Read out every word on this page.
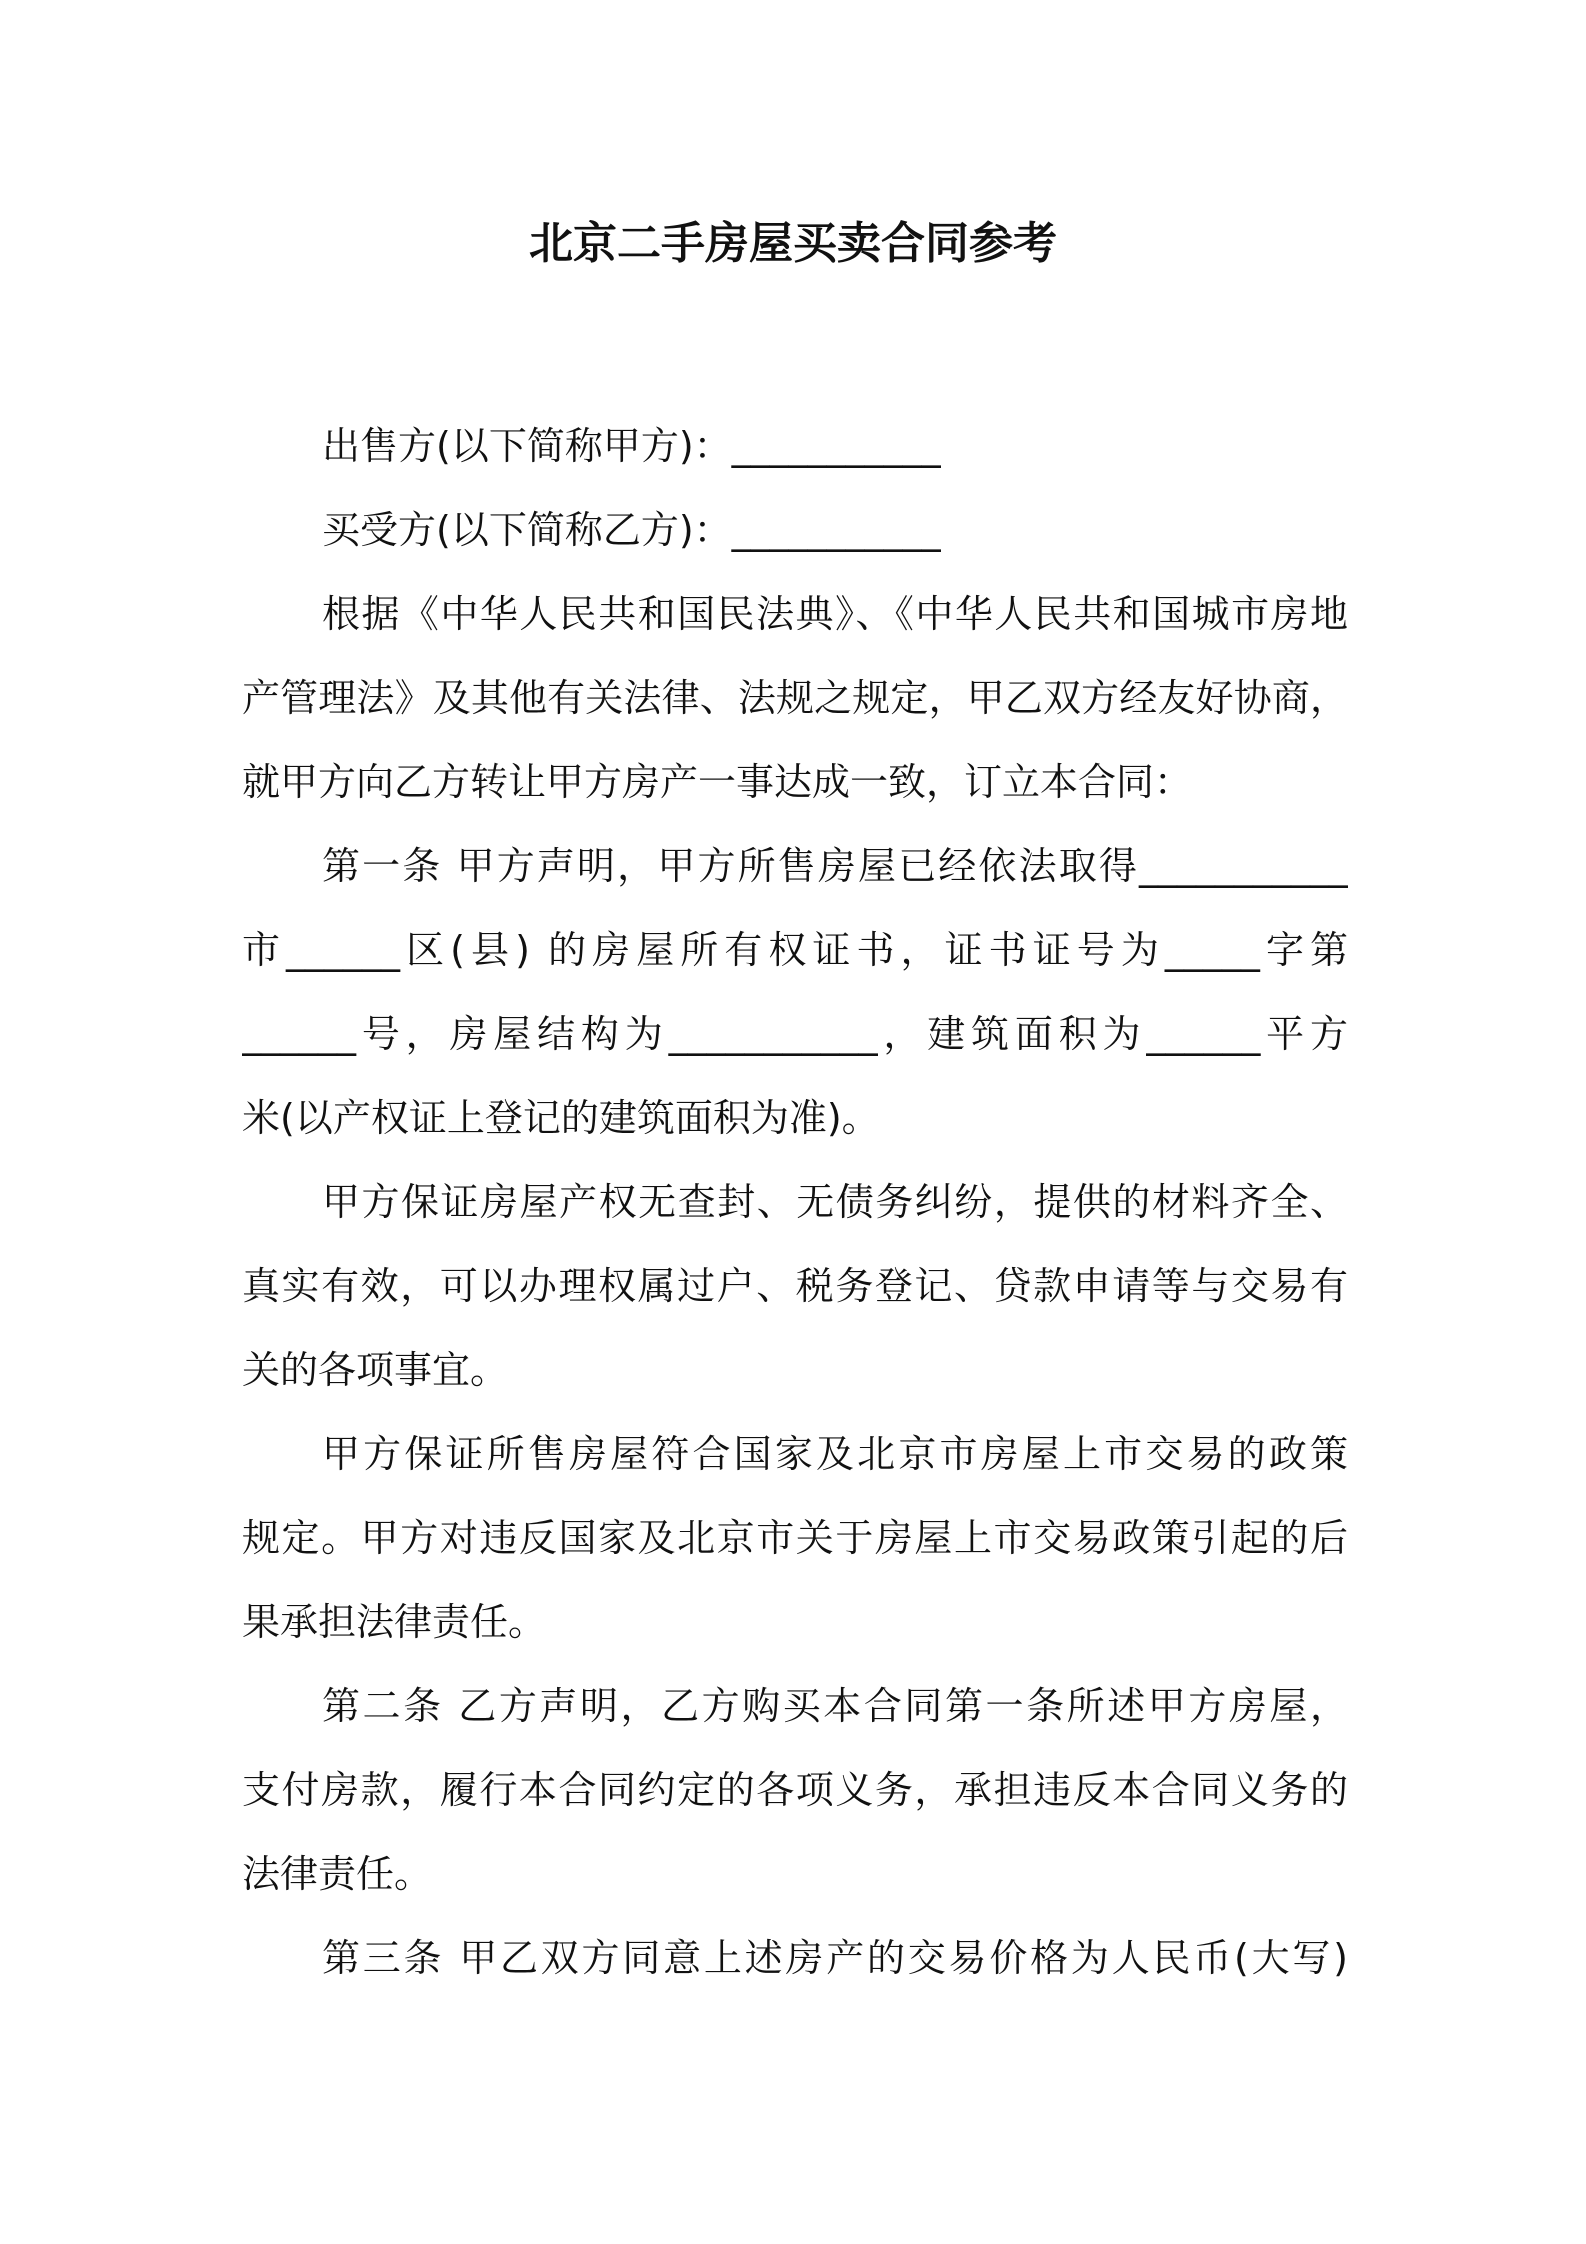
北京二手房屋买卖合同参考
出售方(以下简称甲方)：___________
买受方(以下简称乙方)：___________
根据《中华人民共和国民法典》、《中华人民共和国城市房地
产管理法》及其他有关法律、法规之规定，甲乙双方经友好协商，
就甲方向乙方转让甲方房产一事达成一致，订立本合同：
第一条 甲方声明，甲方所售房屋已经依法取得___________
市______区(县) 的房屋所有权证书，证书证号为_____字第
______号，房屋结构为___________，建筑面积为______平方
米(以产权证上登记的建筑面积为准)。
甲方保证房屋产权无查封、无债务纠纷，提供的材料齐全、
真实有效，可以办理权属过户、税务登记、贷款申请等与交易有
关的各项事宜。
甲方保证所售房屋符合国家及北京市房屋上市交易的政策
规定。甲方对违反国家及北京市关于房屋上市交易政策引起的后
果承担法律责任。
第二条 乙方声明，乙方购买本合同第一条所述甲方房屋，
支付房款，履行本合同约定的各项义务，承担违反本合同义务的
法律责任。
第三条 甲乙双方同意上述房产的交易价格为人民币(大写)
